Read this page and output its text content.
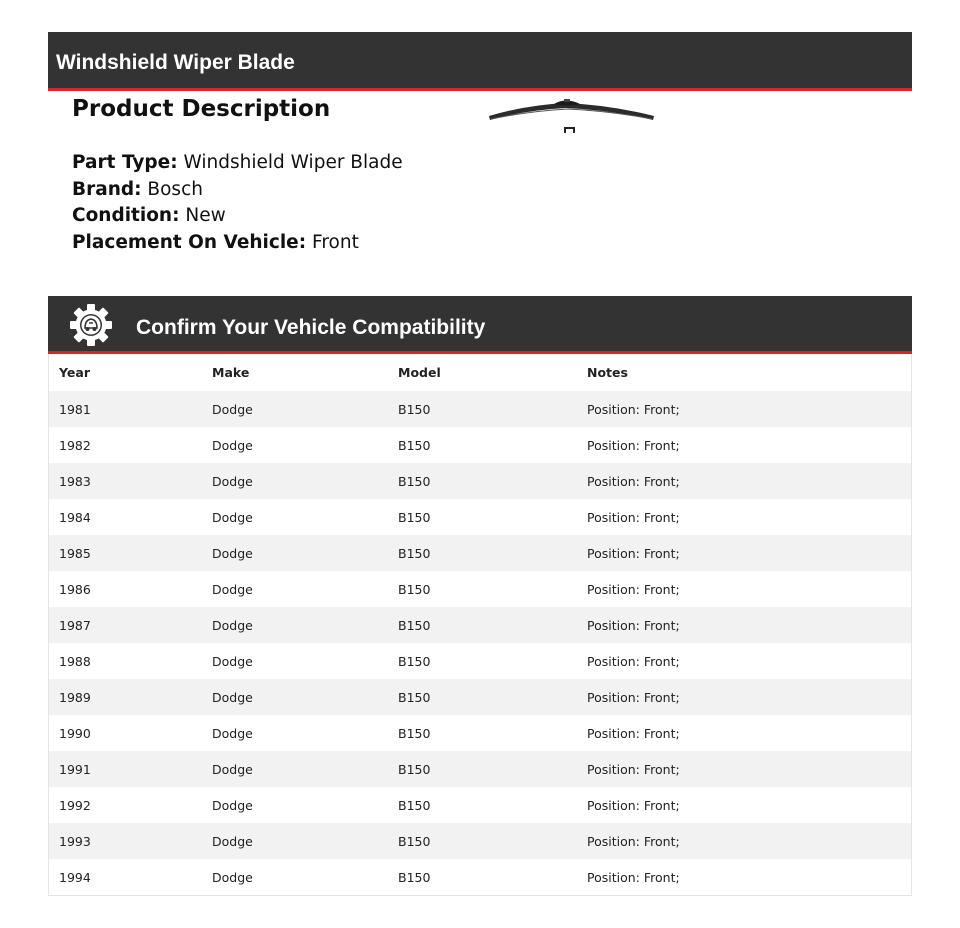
Windshield Wiper Blade
Product Description
Part Type: Windshield Wiper Blade
Brand: Bosch
Condition: New
Placement On Vehicle: Front
Confirm Your Vehicle Compatibility
Year	Make	Model	Notes
1981	Dodge	B150	Position: Front;
1982	Dodge	B150	Position: Front;
1983	Dodge	B150	Position: Front;
1984	Dodge	B150	Position: Front;
1985	Dodge	B150	Position: Front;
1986	Dodge	B150	Position: Front;
1987	Dodge	B150	Position: Front;
1988	Dodge	B150	Position: Front;
1989	Dodge	B150	Position: Front;
1990	Dodge	B150	Position: Front;
1991	Dodge	B150	Position: Front;
1992	Dodge	B150	Position: Front;
1993	Dodge	B150	Position: Front;
1994	Dodge	B150	Position: Front;
